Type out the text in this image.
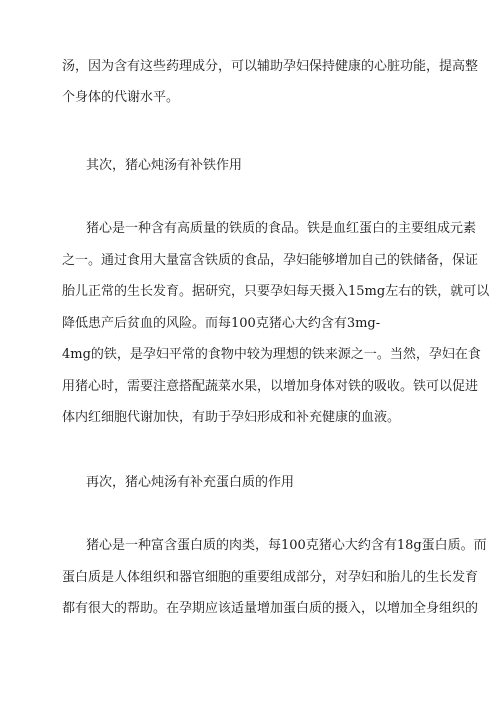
汤，因为含有这些药理成分，可以辅助孕妇保持健康的心脏功能，提高整
个身体的代谢水平。
其次，猪心炖汤有补铁作用
猪心是一种含有高质量的铁质的食品。铁是血红蛋白的主要组成元素
之一。通过食用大量富含铁质的食品，孕妇能够增加自己的铁储备，保证
胎儿正常的生长发育。据研究，只要孕妇每天摄入15mg左右的铁，就可以
降低患产后贫血的风险。而每100克猪心大约含有3mg-
4mg的铁，是孕妇平常的食物中较为理想的铁来源之一。当然，孕妇在食
用猪心时，需要注意搭配蔬菜水果，以增加身体对铁的吸收。铁可以促进
体内红细胞代谢加快，有助于孕妇形成和补充健康的血液。
再次，猪心炖汤有补充蛋白质的作用
猪心是一种富含蛋白质的肉类，每100克猪心大约含有18g蛋白质。而
蛋白质是人体组织和器官细胞的重要组成部分，对孕妇和胎儿的生长发育
都有很大的帮助。在孕期应该适量增加蛋白质的摄入，以增加全身组织的
